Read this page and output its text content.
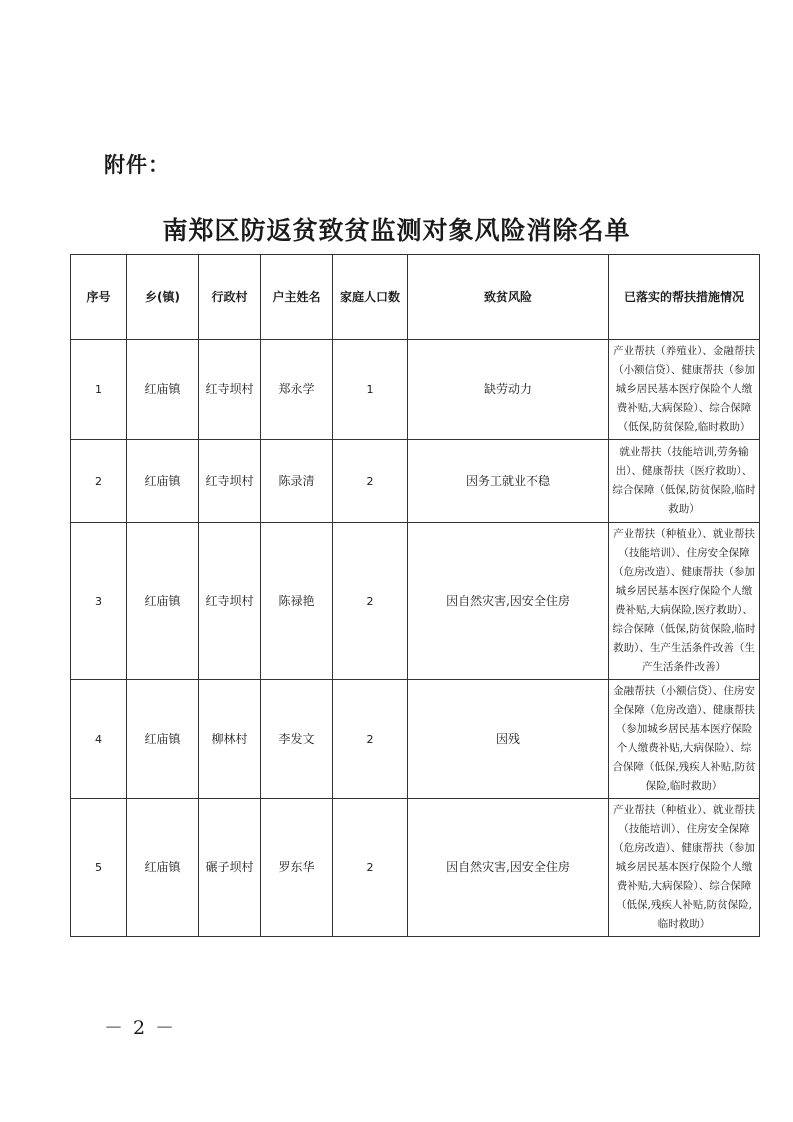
附件：
南郑区防返贫致贫监测对象风险消除名单
序号	乡(镇)	行政村	户主姓名	家庭人口数	致贫风险	已落实的帮扶措施情况
1	红庙镇	红寺坝村	郑永学	1	缺劳动力	产业帮扶（养殖业）、金融帮扶（小额信贷）、健康帮扶（参加城乡居民基本医疗保险个人缴费补贴,大病保险）、综合保障（低保,防贫保险,临时救助）
2	红庙镇	红寺坝村	陈录清	2	因务工就业不稳	就业帮扶（技能培训,劳务输出）、健康帮扶（医疗救助）、综合保障（低保,防贫保险,临时救助）
3	红庙镇	红寺坝村	陈禄艳	2	因自然灾害,因安全住房	产业帮扶（种植业）、就业帮扶（技能培训）、住房安全保障（危房改造）、健康帮扶（参加城乡居民基本医疗保险个人缴费补贴,大病保险,医疗救助）、综合保障（低保,防贫保险,临时救助）、生产生活条件改善（生产生活条件改善）
4	红庙镇	柳林村	李发文	2	因残	金融帮扶（小额信贷）、住房安全保障（危房改造）、健康帮扶（参加城乡居民基本医疗保险个人缴费补贴,大病保险）、综合保障（低保,残疾人补贴,防贫保险,临时救助）
5	红庙镇	碾子坝村	罗东华	2	因自然灾害,因安全住房	产业帮扶（种植业）、就业帮扶（技能培训）、住房安全保障（危房改造）、健康帮扶（参加城乡居民基本医疗保险个人缴费补贴,大病保险）、综合保障（低保,残疾人补贴,防贫保险,临时救助）
－ 2 －
